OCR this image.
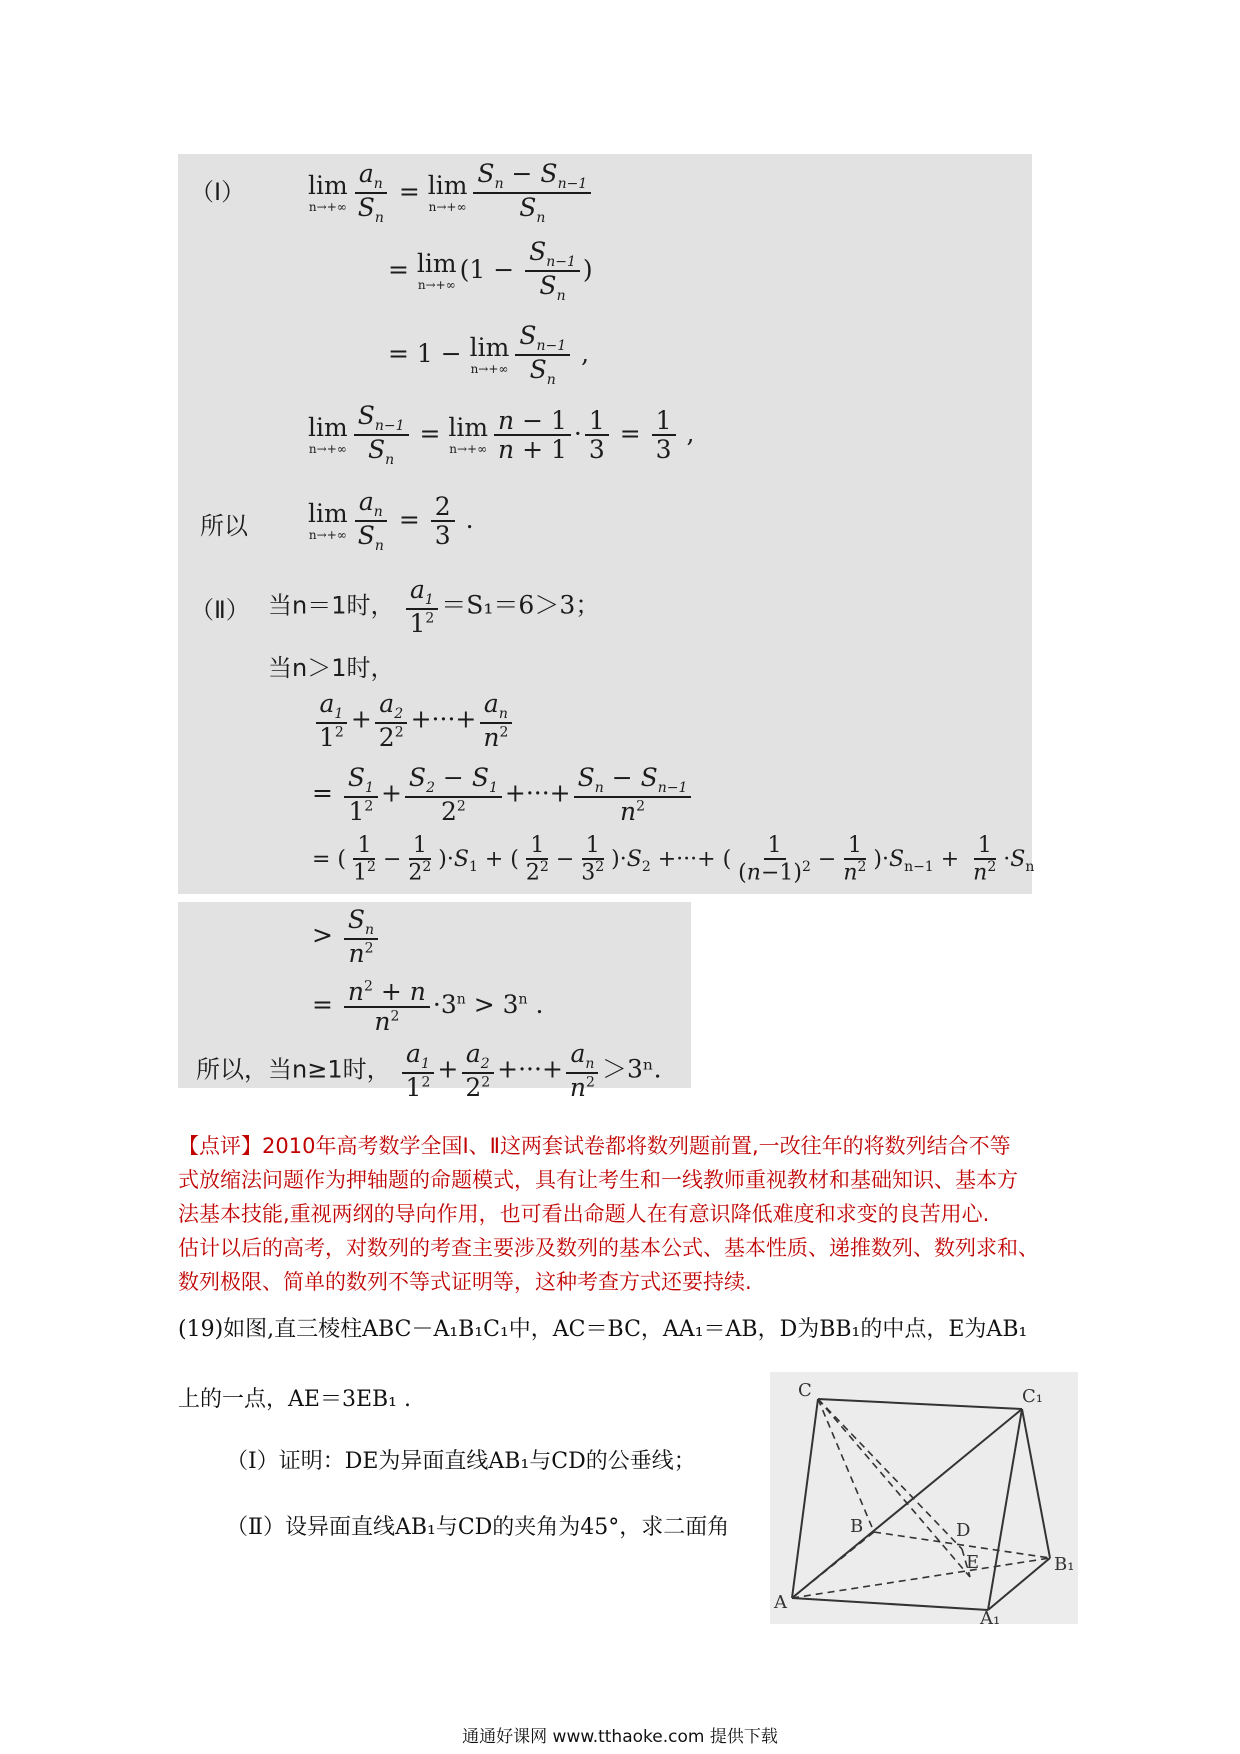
（Ⅰ）	lim
$n\to+\infty \frac{a_n}{S_n} = \lim$
$n\to+\infty \frac{S_n - S_{n-1}}{S_n}$
= lim
n→+∞
($1 - \frac{S_{n-1}}{S_n}$ )
= 1 − lim
$n\to+\infty \frac{S_{n-1}}{S_n}$ ,
lim
$n\to+\infty \frac{S_{n-1}}{S_n} = \lim$
$n\to+\infty \frac{n - 1}{n + 1} \cdot \frac{1}{3} = \frac{1}{3}$ ,
所以 lim
$n\to+\infty \frac{a_n}{S_n} = \frac{2}{3}$ .
（Ⅱ） 当n＝1时， $\frac{a_1}{1^2} =S_1=6>3$；
当n＞1时，
$\frac{a_1}{1^2} + \frac{a_2}{2^2}$ +···+ $\frac{a_n}{n^2}$
= $\frac{S_1}{1^2} + \frac{S_2 - S_1}{2^2}$ +···+ $\frac{S_n - S_{n-1}}{n^2}$
= ( $\frac{1}{1^2} - \frac{1}{2^2} )\cdot S_1$ + ( $\frac{1}{2^2} - \frac{1}{3^2} )\cdot S_2$ +···+ ( $\frac{1}{(n-1)^2} - \frac{1}{n^2} )\cdot S_{n-1} + \frac{1}{n^2} \cdot S_n$
> $\frac{S_n}{n^2}$
= $\frac{n^2 + n}{n^2} \cdot 3^n > 3^n$ .
所以，当n≥1时， $\frac{a_1}{1^2} + \frac{a_2}{2^2}$ +···+ $\frac{a_n}{n^2} >3^n$.
【点评】2010年高考数学全国Ⅰ、Ⅱ这两套试卷都将数列题前置,一改往年的将数列结合不等
式放缩法问题作为押轴题的命题模式，具有让考生和一线教师重视教材和基础知识、基本方
法基本技能,重视两纲的导向作用，也可看出命题人在有意识降低难度和求变的良苦用心.
估计以后的高考，对数列的考查主要涉及数列的基本公式、基本性质、递推数列、数列求和、
数列极限、简单的数列不等式证明等，这种考查方式还要持续.
(19)如图,直三棱柱ABC－A₁B₁C₁中，AC＝BC，AA₁＝AB，D为BB₁的中点，E为AB₁
上的一点，AE＝3EB₁ .
（Ⅰ）证明：DE为异面直线AB₁与CD的公垂线；
（Ⅱ）设异面直线AB₁与CD的夹角为45°，求二面角
C	C₁
B	D
B₁
E
A
A₁
通通好课网 www.tthaoke.com 提供下载
